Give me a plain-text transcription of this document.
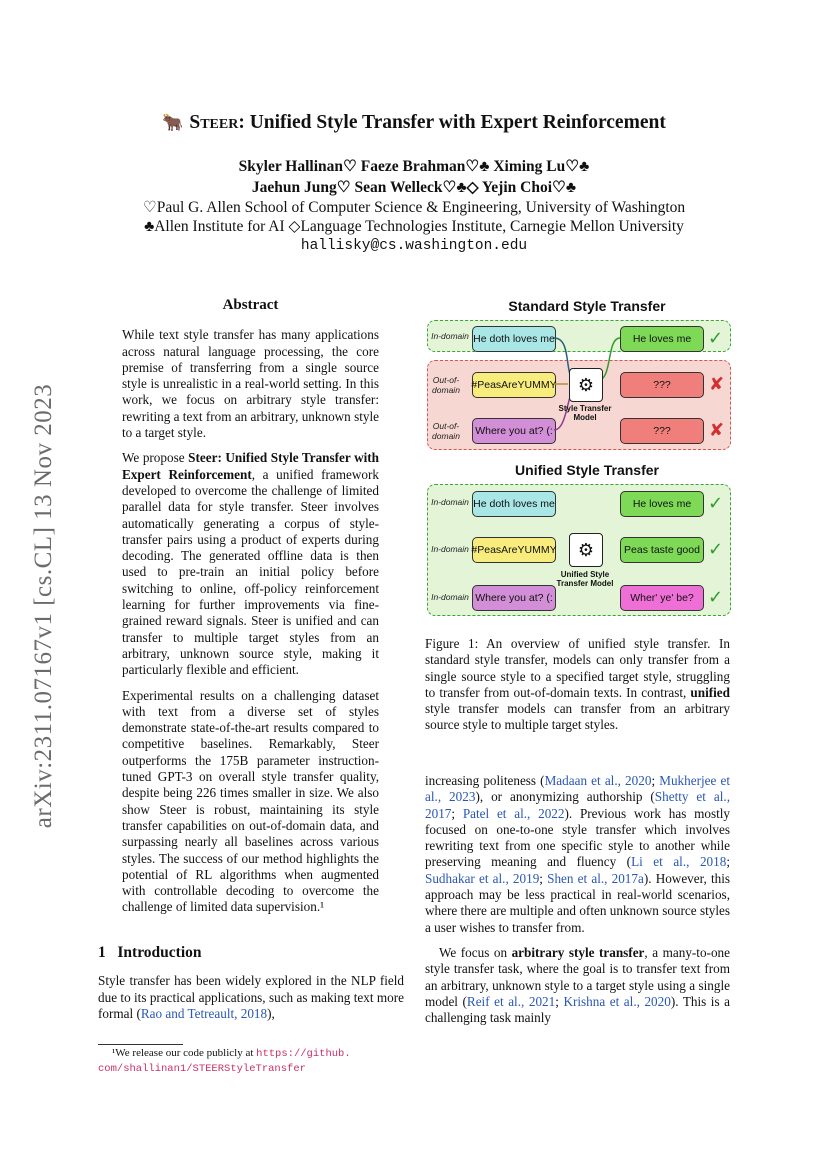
arXiv:2311.07167v1 [cs.CL] 13 Nov 2023
🐂 Steer: Unified Style Transfer with Expert Reinforcement
Skyler Hallinan♡ Faeze Brahman♡♣ Ximing Lu♡♣
Jaehun Jung♡ Sean Welleck♡♣◇ Yejin Choi♡♣
♡Paul G. Allen School of Computer Science & Engineering, University of Washington
♣Allen Institute for AI ◇Language Technologies Institute, Carnegie Mellon University
hallisky@cs.washington.edu
Abstract

While text style transfer has many applications across natural language processing, the core premise of transferring from a single source style is unrealistic in a real-world setting. In this work, we focus on arbitrary style transfer: rewriting a text from an arbitrary, unknown style to a target style.

We propose Steer: Unified Style Transfer with Expert Reinforcement, a unified framework developed to overcome the challenge of limited parallel data for style transfer. Steer involves automatically generating a corpus of style-transfer pairs using a product of experts during decoding. The generated offline data is then used to pre-train an initial policy before switching to online, off-policy reinforcement learning for further improvements via fine-grained reward signals. Steer is unified and can transfer to multiple target styles from an arbitrary, unknown source style, making it particularly flexible and efficient.

Experimental results on a challenging dataset with text from a diverse set of styles demonstrate state-of-the-art results compared to competitive baselines. Remarkably, Steer outperforms the 175B parameter instruction-tuned GPT-3 on overall style transfer quality, despite being 226 times smaller in size. We also show Steer is robust, maintaining its style transfer capabilities on out-of-domain data, and surpassing nearly all baselines across various styles. The success of our method highlights the potential of RL algorithms when augmented with controllable decoding to overcome the challenge of limited data supervision.¹

1 Introduction

Style transfer has been widely explored in the NLP field due to its practical applications, such as making text more formal (Rao and Tetreault, 2018),

¹We release our code publicly at https://github.
com/shallinan1/STEERStyleTransfer
Standard Style Transfer
In-domain
Out-of-domain
Out-of-domain
He doth loves me
#PeasAreYUMMY
Where you at? (:
He loves me
???
???
✓
✘
✘
⚙
Style Transfer Model
Unified Style Transfer
In-domain
In-domain
In-domain
He doth loves me
#PeasAreYUMMY
Where you at? (:
He loves me
Peas taste good
Wher' ye' be?
✓
✓
✓
⚙
Unified Style Transfer Model
Figure 1: An overview of unified style transfer. In standard style transfer, models can only transfer from a single source style to a specified target style, struggling to transfer from out-of-domain texts. In contrast, unified style transfer models can transfer from an arbitrary source style to multiple target styles.

increasing politeness (Madaan et al., 2020; Mukherjee et al., 2023), or anonymizing authorship (Shetty et al., 2017; Patel et al., 2022). Previous work has mostly focused on one-to-one style transfer which involves rewriting text from one specific style to another while preserving meaning and fluency (Li et al., 2018; Sudhakar et al., 2019; Shen et al., 2017a). However, this approach may be less practical in real-world scenarios, where there are multiple and often unknown source styles a user wishes to transfer from.

We focus on arbitrary style transfer, a many-to-one style transfer task, where the goal is to transfer text from an arbitrary, unknown style to a target style using a single model (Reif et al., 2021; Krishna et al., 2020). This is a challenging task mainly
